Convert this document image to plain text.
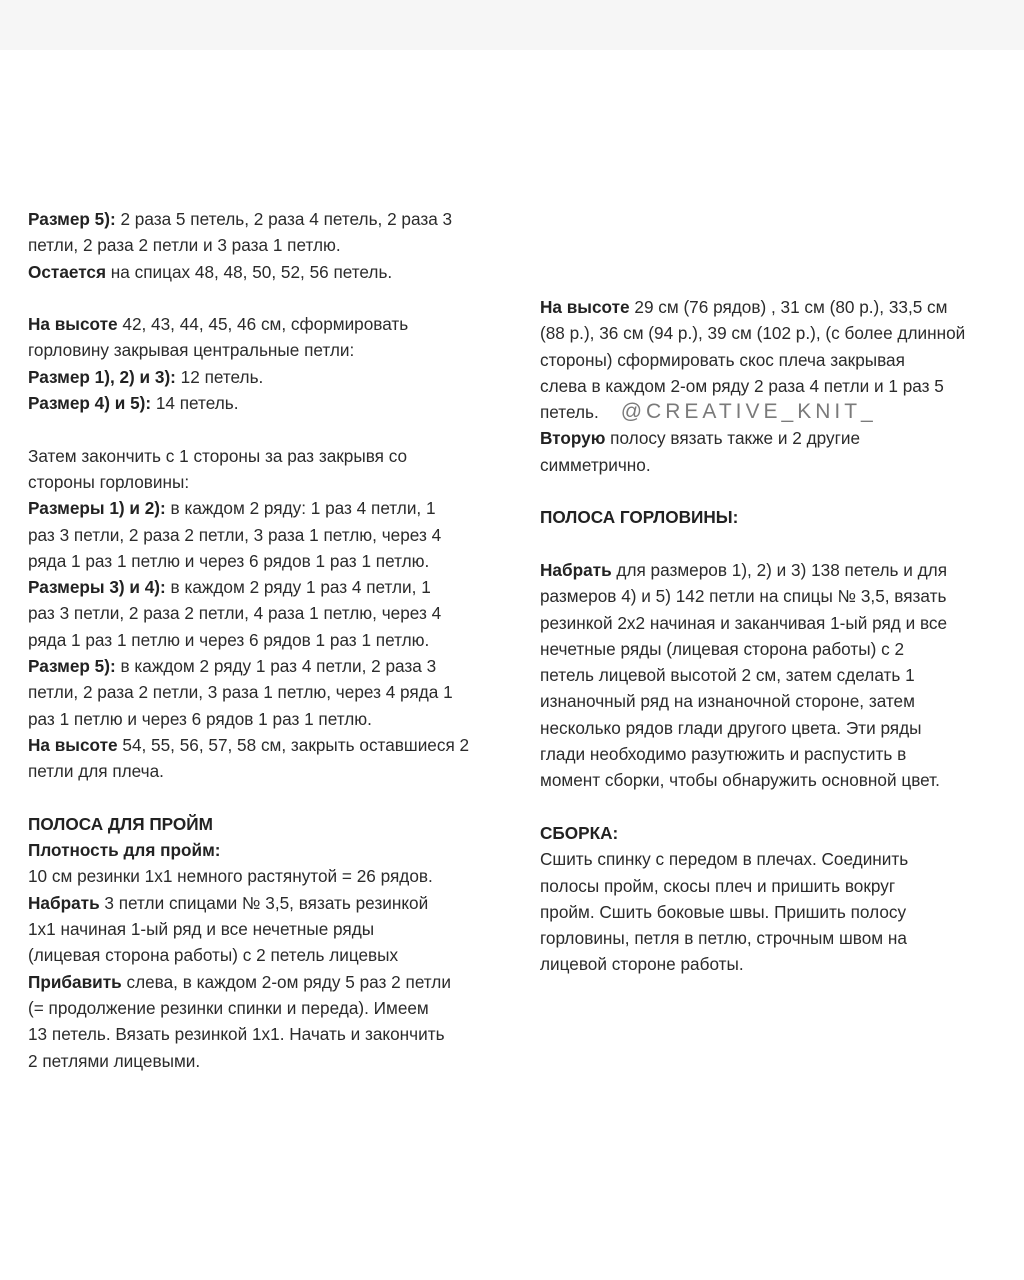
Размер 5): 2 раза 5 петель, 2 раза 4 петель, 2 раза 3
петли, 2 раза 2 петли и 3 раза 1 петлю.
Остается на спицах 48, 48, 50, 52, 56 петель.
На высоте 42, 43, 44, 45, 46 см, сформировать
горловину закрывая центральные петли:
Размер 1), 2) и 3): 12 петель.
Размер 4) и 5): 14 петель.
Затем закончить с 1 стороны за раз закрывя со
стороны горловины:
Размеры 1) и 2): в каждом 2 ряду: 1 раз 4 петли, 1
раз 3 петли, 2 раза 2 петли, 3 раза 1 петлю, через 4
ряда 1 раз 1 петлю и через 6 рядов 1 раз 1 петлю.
Размеры 3) и 4): в каждом 2 ряду 1 раз 4 петли, 1
раз 3 петли, 2 раза 2 петли, 4 раза 1 петлю, через 4
ряда 1 раз 1 петлю и через 6 рядов 1 раз 1 петлю.
Размер 5): в каждом 2 ряду 1 раз 4 петли, 2 раза 3
петли, 2 раза 2 петли, 3 раза 1 петлю, через 4 ряда 1
раз 1 петлю и через 6 рядов 1 раз 1 петлю.
На высоте 54, 55, 56, 57, 58 см, закрыть оставшиеся 2
петли для плеча.
ПОЛОСА ДЛЯ ПРОЙМ
Плотность для пройм:
10 см резинки 1х1 немного растянутой = 26 рядов.
Набрать 3 петли спицами № 3,5, вязать резинкой
1х1 начиная 1-ый ряд и все нечетные ряды
(лицевая сторона работы) с 2 петель лицевых
Прибавить слева, в каждом 2-ом ряду 5 раз 2 петли
(= продолжение резинки спинки и переда). Имеем
13 петель. Вязать резинкой 1х1. Начать и закончить
2 петлями лицевыми.
На высоте 29 см (76 рядов) , 31 см (80 р.), 33,5 см
(88 р.), 36 см (94 р.), 39 см (102 р.), (с более длинной
стороны) сформировать скос плеча закрывая
слева в каждом 2-ом ряду 2 раза 4 петли и 1 раз 5
петель. @CREATIVE_KNIT_
Вторую полосу вязать также и 2 другие
симметрично.
ПОЛОСА ГОРЛОВИНЫ:
Набрать для размеров 1), 2) и 3) 138 петель и для
размеров 4) и 5) 142 петли на спицы № 3,5, вязать
резинкой 2х2 начиная и заканчивая 1-ый ряд и все
нечетные ряды (лицевая сторона работы) с 2
петель лицевой высотой 2 см, затем сделать 1
изнаночный ряд на изнаночной стороне, затем
несколько рядов глади другого цвета. Эти ряды
глади необходимо разутюжить и распустить в
момент сборки, чтобы обнаружить основной цвет.
СБОРКА:
Сшить спинку с передом в плечах. Соединить
полосы пройм, скосы плеч и пришить вокруг
пройм. Сшить боковые швы. Пришить полосу
горловины, петля в петлю, строчным швом на
лицевой стороне работы.
